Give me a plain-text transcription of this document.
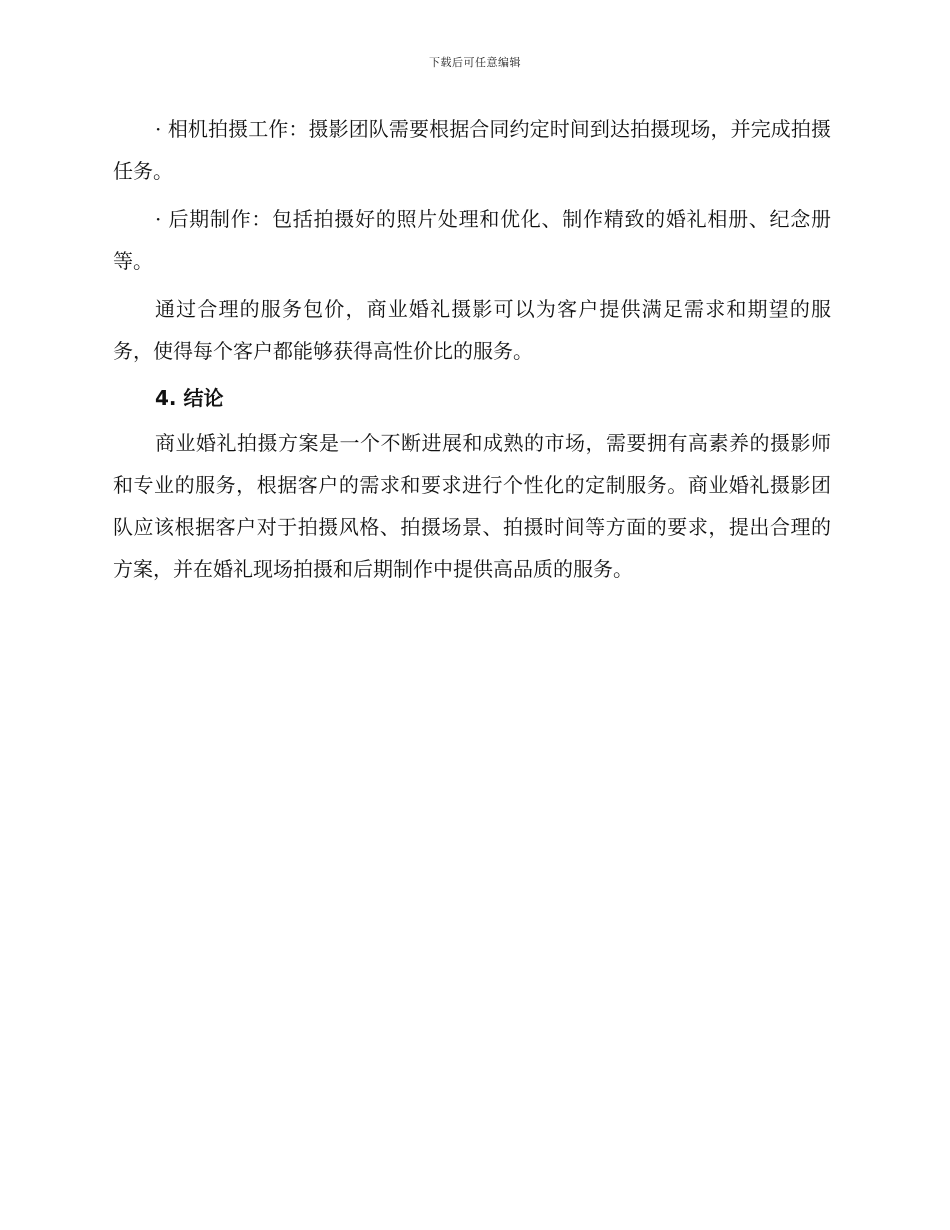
下载后可任意编辑

· 相机拍摄工作：摄影团队需要根据合同约定时间到达拍摄现场，并完成拍摄任务。

· 后期制作：包括拍摄好的照片处理和优化、制作精致的婚礼相册、纪念册等。

通过合理的服务包价，商业婚礼摄影可以为客户提供满足需求和期望的服务，使得每个客户都能够获得高性价比的服务。

4. 结论

商业婚礼拍摄方案是一个不断进展和成熟的市场，需要拥有高素养的摄影师和专业的服务，根据客户的需求和要求进行个性化的定制服务。商业婚礼摄影团队应该根据客户对于拍摄风格、拍摄场景、拍摄时间等方面的要求，提出合理的方案，并在婚礼现场拍摄和后期制作中提供高品质的服务。
